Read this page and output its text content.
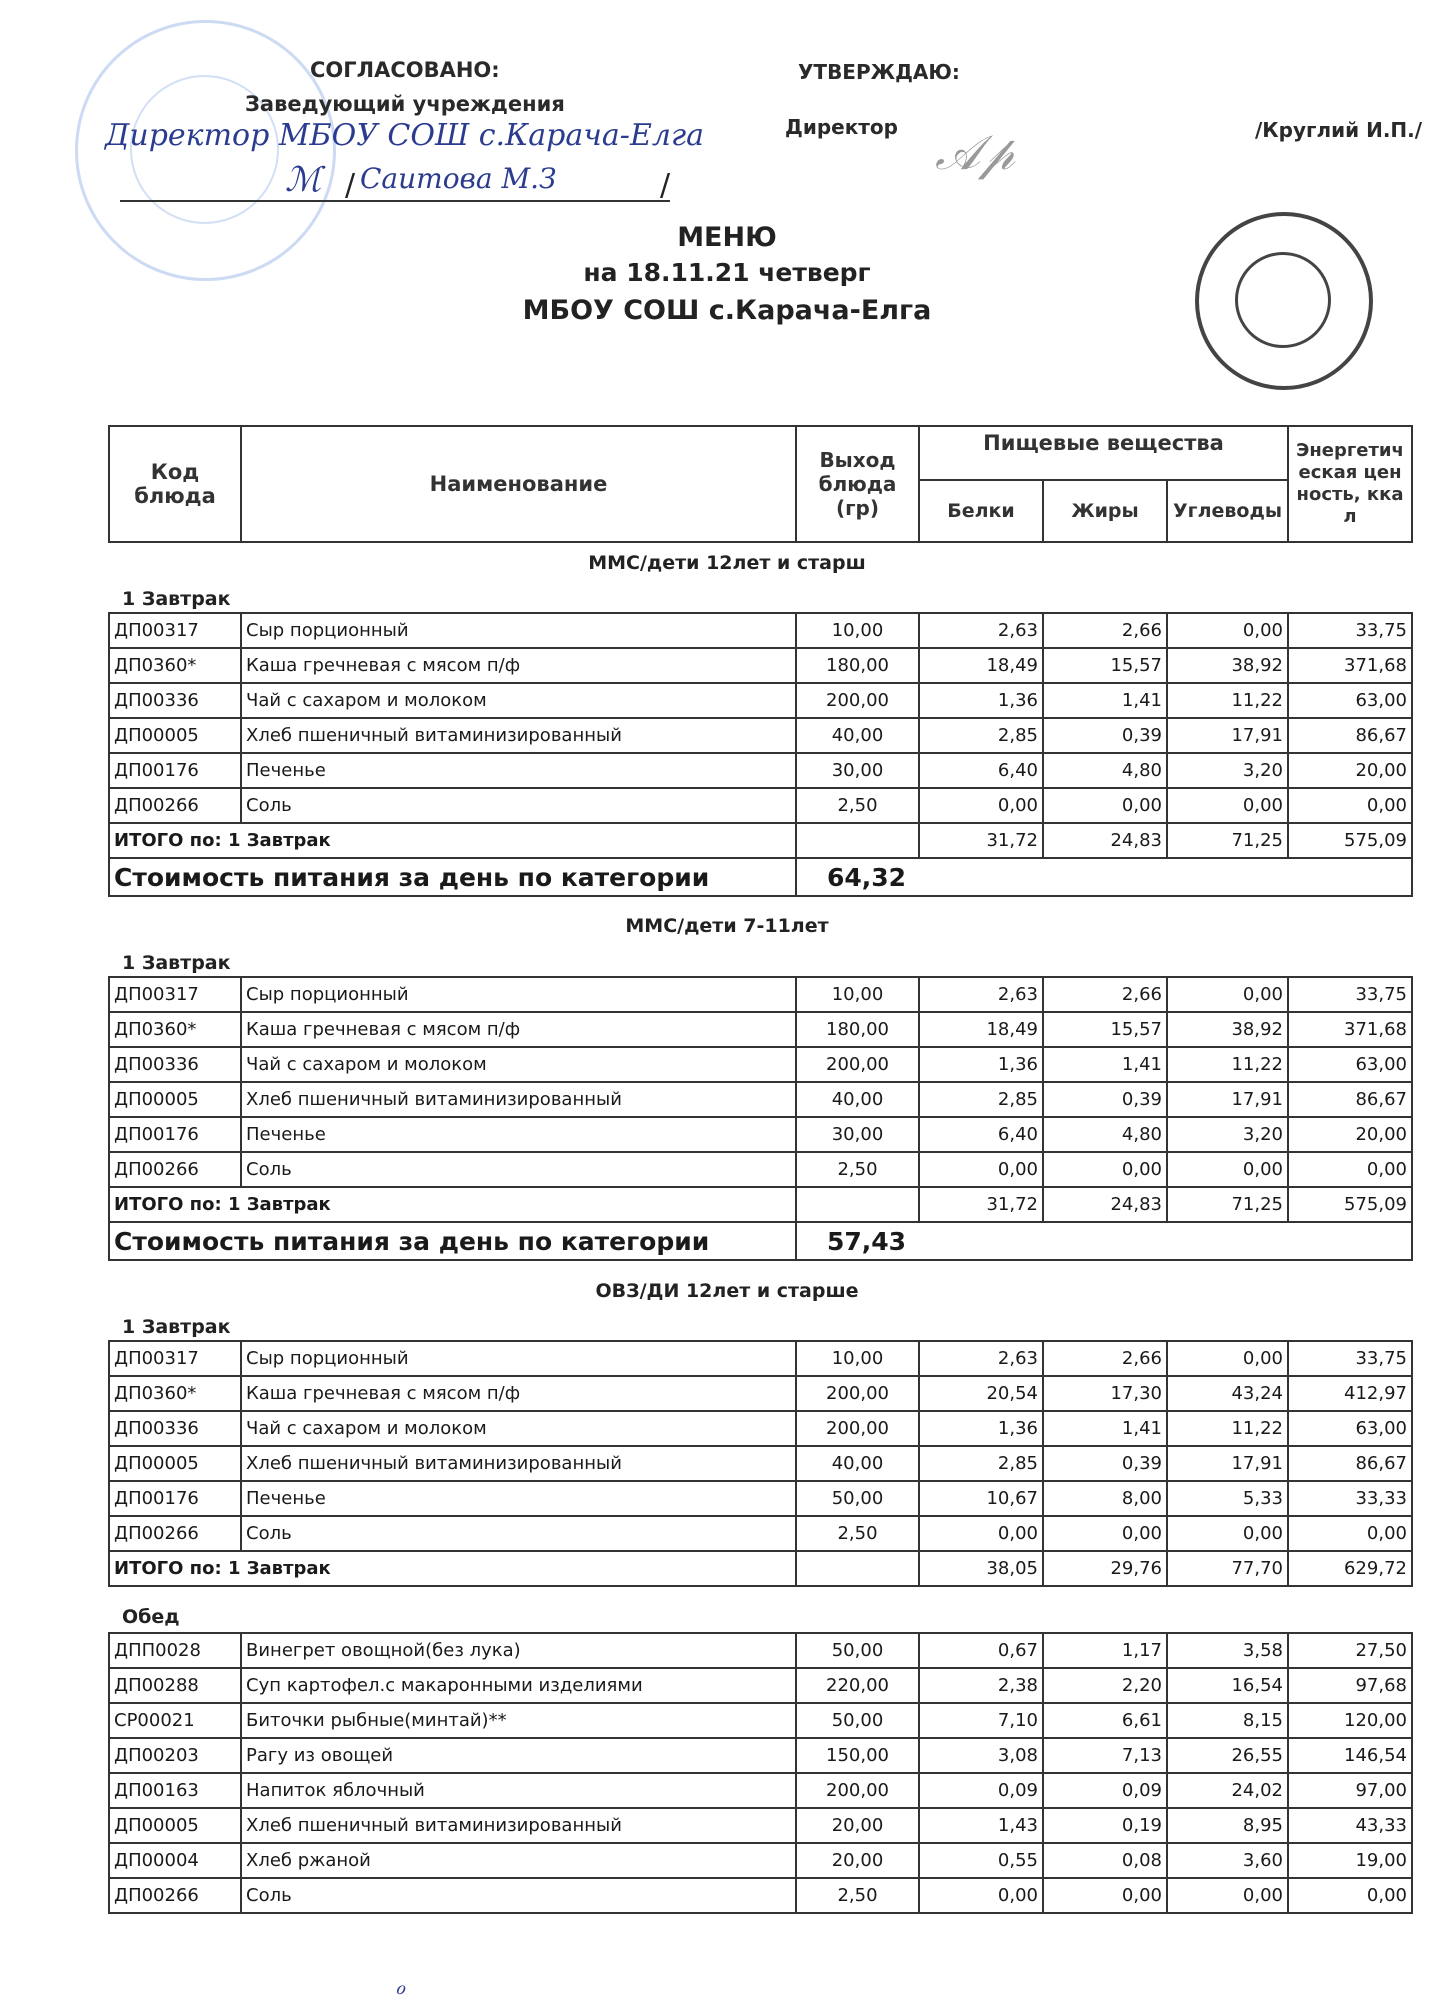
СОГЛАСОВАНО:
Заведующий учреждения
Директор МБОУ СОШ с.Карача-Елга
ℳ Саитова М.З
/	/
УТВЕРЖДАЮ:
Директор 𝒜𝓅	/Круглий И.П./
МЕНЮ
на 18.11.21 четверг
МБОУ СОШ с.Карача-Елга
Код блюда	Наименование	Выход блюда (гр)	Пищевые вещества			Энергетическая ценность, ккал
			Белки	Жиры	Углеводы	
ММС/дети 12лет и старш
1 Завтрак
ДП00317	Сыр порционный	10,00	2,63	2,66	0,00	33,75
ДП0360*	Каша гречневая с мясом п/ф	180,00	18,49	15,57	38,92	371,68
ДП00336	Чай с сахаром и молоком	200,00	1,36	1,41	11,22	63,00
ДП00005	Хлеб пшеничный витаминизированный	40,00	2,85	0,39	17,91	86,67
ДП00176	Печенье	30,00	6,40	4,80	3,20	20,00
ДП00266	Соль	2,50	0,00	0,00	0,00	0,00
ИТОГО по: 1 Завтрак			31,72	24,83	71,25	575,09
Стоимость питания за день по категории		64,32				
ММС/дети 7-11лет
1 Завтрак
ДП00317	Сыр порционный	10,00	2,63	2,66	0,00	33,75
ДП0360*	Каша гречневая с мясом п/ф	180,00	18,49	15,57	38,92	371,68
ДП00336	Чай с сахаром и молоком	200,00	1,36	1,41	11,22	63,00
ДП00005	Хлеб пшеничный витаминизированный	40,00	2,85	0,39	17,91	86,67
ДП00176	Печенье	30,00	6,40	4,80	3,20	20,00
ДП00266	Соль	2,50	0,00	0,00	0,00	0,00
ИТОГО по: 1 Завтрак			31,72	24,83	71,25	575,09
Стоимость питания за день по категории		57,43				
ОВЗ/ДИ 12лет и старше
1 Завтрак
ДП00317	Сыр порционный	10,00	2,63	2,66	0,00	33,75
ДП0360*	Каша гречневая с мясом п/ф	200,00	20,54	17,30	43,24	412,97
ДП00336	Чай с сахаром и молоком	200,00	1,36	1,41	11,22	63,00
ДП00005	Хлеб пшеничный витаминизированный	40,00	2,85	0,39	17,91	86,67
ДП00176	Печенье	50,00	10,67	8,00	5,33	33,33
ДП00266	Соль	2,50	0,00	0,00	0,00	0,00
ИТОГО по: 1 Завтрак			38,05	29,76	77,70	629,72
Обед
ДПП0028	Винегрет овощной(без лука)	50,00	0,67	1,17	3,58	27,50
ДП00288	Суп картофел.с макаронными изделиями	220,00	2,38	2,20	16,54	97,68
СР00021	Биточки рыбные(минтай)**	50,00	7,10	6,61	8,15	120,00
ДП00203	Рагу из овощей	150,00	3,08	7,13	26,55	146,54
ДП00163	Напиток яблочный	200,00	0,09	0,09	24,02	97,00
ДП00005	Хлеб пшеничный витаминизированный	20,00	1,43	0,19	8,95	43,33
ДП00004	Хлеб ржаной	20,00	0,55	0,08	3,60	19,00
ДП00266	Соль	2,50	0,00	0,00	0,00	0,00
ℴ
